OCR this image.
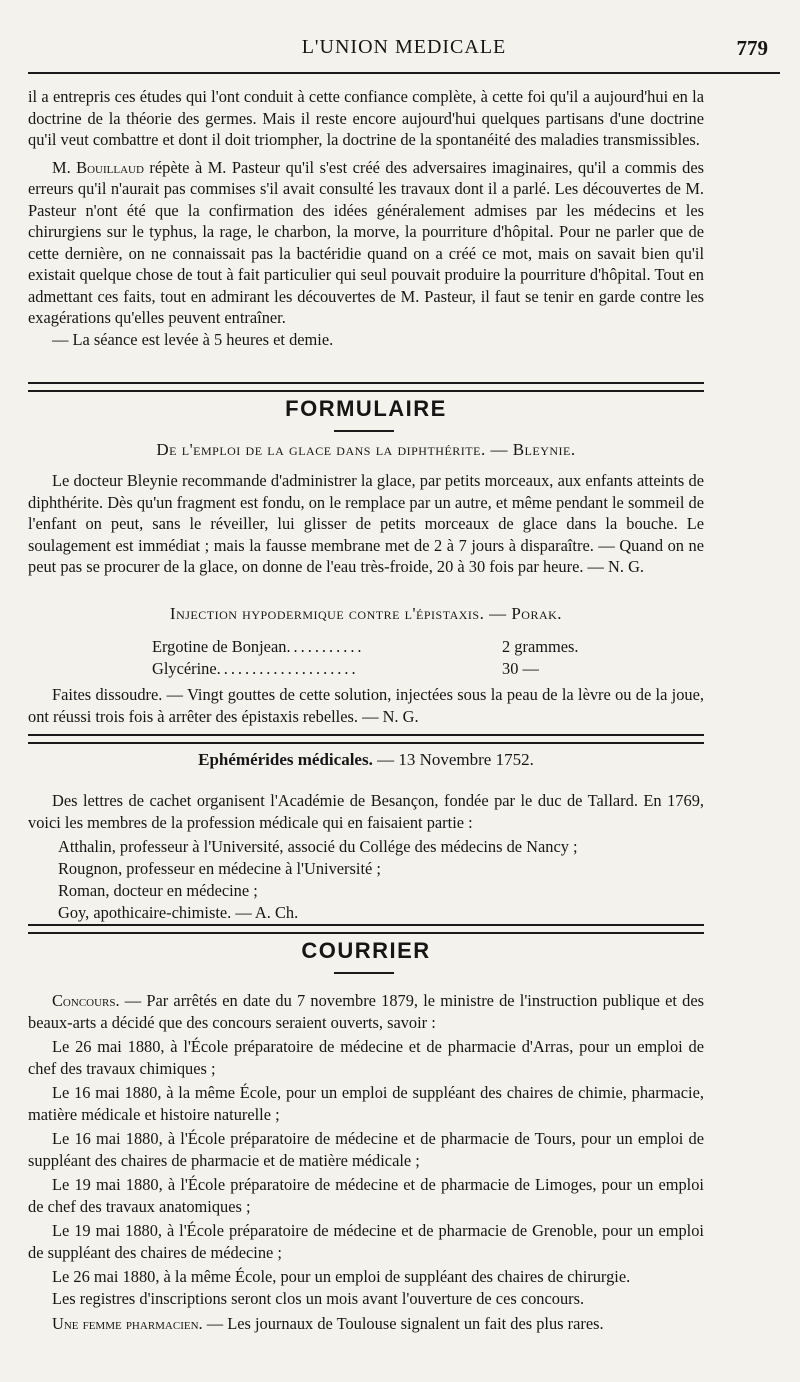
L'UNION MEDICALE	779

il a entrepris ces études qui l'ont conduit à cette confiance complète, à cette foi qu'il a aujourd'hui en la doctrine de la théorie des germes. Mais il reste encore aujourd'hui quelques partisans d'une doctrine qu'il veut combattre et dont il doit triompher, la doctrine de la spontanéité des maladies transmissibles.

M. Bouillaud répète à M. Pasteur qu'il s'est créé des adversaires imaginaires, qu'il a commis des erreurs qu'il n'aurait pas commises s'il avait consulté les travaux dont il a parlé. Les découvertes de M. Pasteur n'ont été que la confirmation des idées généralement admises par les médecins et les chirurgiens sur le typhus, la rage, le charbon, la morve, la pourriture d'hôpital. Pour ne parler que de cette dernière, on ne connaissait pas la bactéridie quand on a créé ce mot, mais on savait bien qu'il existait quelque chose de tout à fait particulier qui seul pouvait produire la pourriture d'hôpital. Tout en admettant ces faits, tout en admirant les découvertes de M. Pasteur, il faut se tenir en garde contre les exagérations qu'elles peuvent entraîner.

— La séance est levée à 5 heures et demie.

FORMULAIRE
De l'emploi de la glace dans la diphthérite. — Bleynie.

Le docteur Bleynie recommande d'administrer la glace, par petits morceaux, aux enfants atteints de diphthérite. Dès qu'un fragment est fondu, on le remplace par un autre, et même pendant le sommeil de l'enfant on peut, sans le réveiller, lui glisser de petits morceaux de glace dans la bouche. Le soulagement est immédiat ; mais la fausse membrane met de 2 à 7 jours à disparaître. — Quand on ne peut pas se procurer de la glace, on donne de l'eau très-froide, 20 à 30 fois par heure. — N. G.

Injection hypodermique contre l'épistaxis. — Porak.
Ergotine de Bonjean ...........	2 grammes.
Glycérine ....................	30 —

Faites dissoudre. — Vingt gouttes de cette solution, injectées sous la peau de la lèvre ou de la joue, ont réussi trois fois à arrêter des épistaxis rebelles. — N. G.

Ephémérides médicales. — 13 Novembre 1752.

Des lettres de cachet organisent l'Académie de Besançon, fondée par le duc de Tallard. En 1769, voici les membres de la profession médicale qui en faisaient partie :

Atthalin, professeur à l'Université, associé du Collége des médecins de Nancy ;

Rougnon, professeur en médecine à l'Université ;

Roman, docteur en médecine ;

Goy, apothicaire-chimiste. — A. Ch.

COURRIER

Concours. — Par arrêtés en date du 7 novembre 1879, le ministre de l'instruction publique et des beaux-arts a décidé que des concours seraient ouverts, savoir :

Le 26 mai 1880, à l'École préparatoire de médecine et de pharmacie d'Arras, pour un emploi de chef des travaux chimiques ;

Le 16 mai 1880, à la même École, pour un emploi de suppléant des chaires de chimie, pharmacie, matière médicale et histoire naturelle ;

Le 16 mai 1880, à l'École préparatoire de médecine et de pharmacie de Tours, pour un emploi de suppléant des chaires de pharmacie et de matière médicale ;

Le 19 mai 1880, à l'École préparatoire de médecine et de pharmacie de Limoges, pour un emploi de chef des travaux anatomiques ;

Le 19 mai 1880, à l'École préparatoire de médecine et de pharmacie de Grenoble, pour un emploi de suppléant des chaires de médecine ;

Le 26 mai 1880, à la même École, pour un emploi de suppléant des chaires de chirurgie.

Les registres d'inscriptions seront clos un mois avant l'ouverture de ces concours.

Une femme pharmacien. — Les journaux de Toulouse signalent un fait des plus rares.
